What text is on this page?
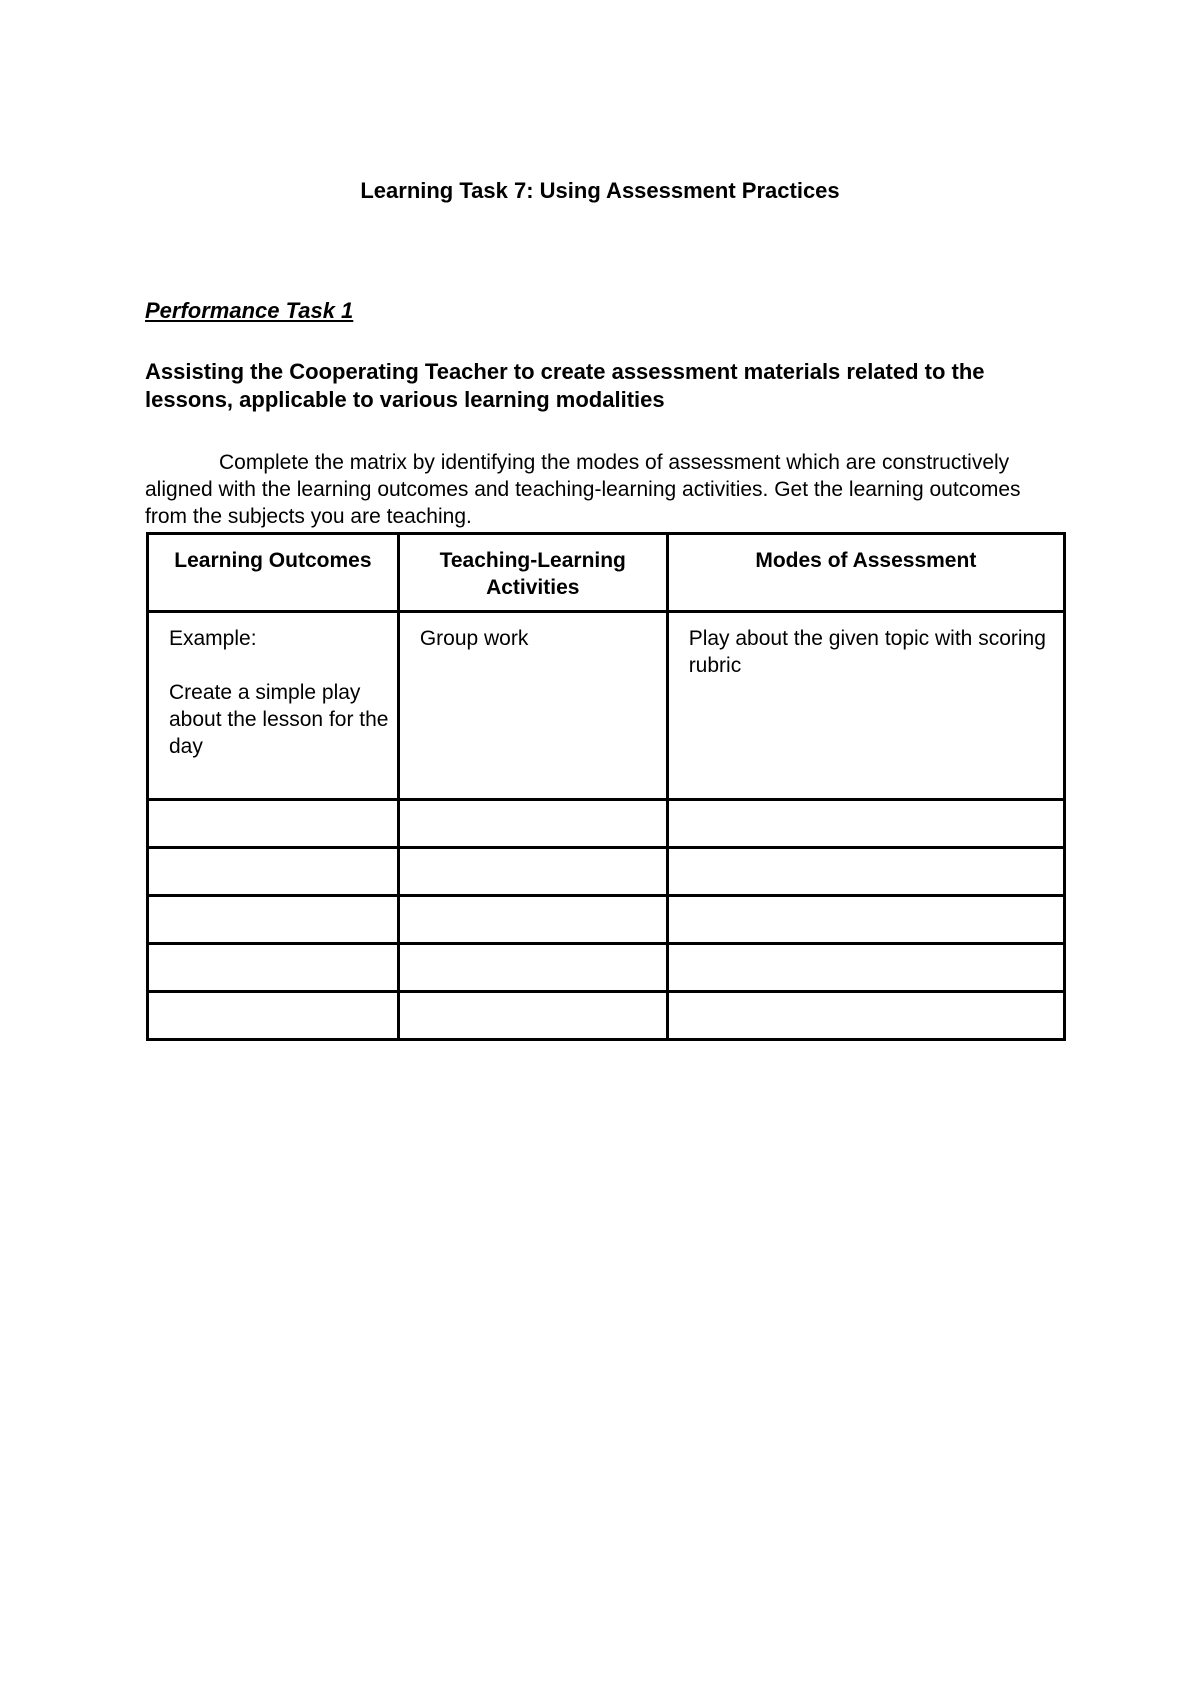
Learning Task 7: Using Assessment Practices
Performance Task 1

Assisting the Cooperating Teacher to create assessment materials related to the lessons, applicable to various learning modalities

Complete the matrix by identifying the modes of assessment which are constructively aligned with the learning outcomes and teaching-learning activities. Get the learning outcomes from the subjects you are teaching.

Learning Outcomes	Teaching-Learning Activities	Modes of Assessment

Example:
Create a simple play about the lesson for the day	Group work	Play about the given topic with scoring rubric
